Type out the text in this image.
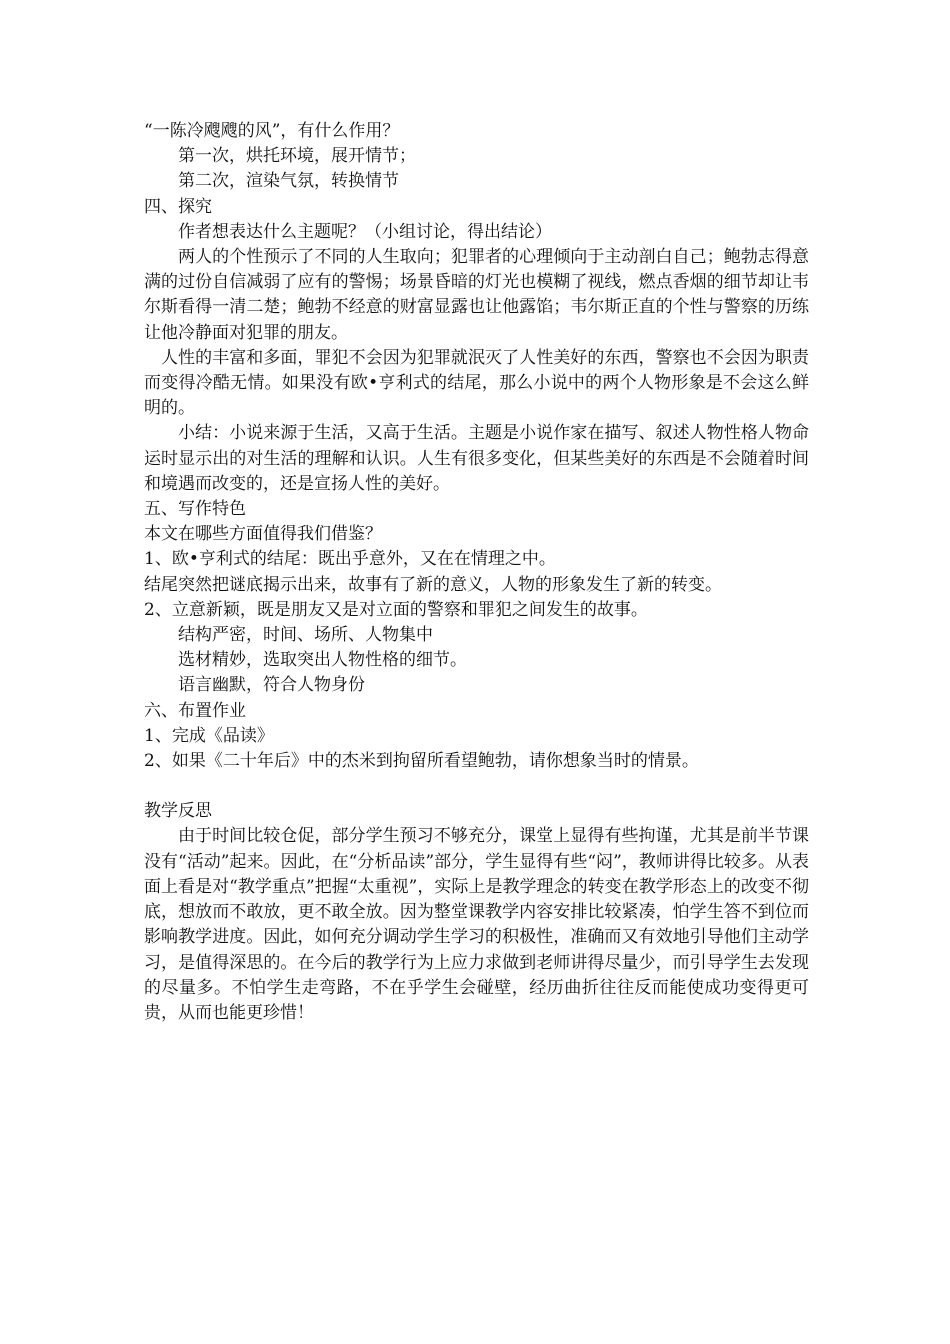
“一陈冷飕飕的风”，有什么作用？

第一次，烘托环境，展开情节；

第二次，渲染气氛，转换情节

四、探究

作者想表达什么主题呢？（小组讨论，得出结论）

两人的个性预示了不同的人生取向；犯罪者的心理倾向于主动剖白自己；鲍勃志得意满的过份自信减弱了应有的警惕；场景昏暗的灯光也模糊了视线，燃点香烟的细节却让韦尔斯看得一清二楚；鲍勃不经意的财富显露也让他露馅；韦尔斯正直的个性与警察的历练让他冷静面对犯罪的朋友。

人性的丰富和多面，罪犯不会因为犯罪就泯灭了人性美好的东西，警察也不会因为职责而变得冷酷无情。如果没有欧•亨利式的结尾，那么小说中的两个人物形象是不会这么鲜明的。

小结：小说来源于生活，又高于生活。主题是小说作家在描写、叙述人物性格人物命运时显示出的对生活的理解和认识。人生有很多变化，但某些美好的东西是不会随着时间和境遇而改变的，还是宣扬人性的美好。

五、写作特色

本文在哪些方面值得我们借鉴？

1、欧•亨利式的结尾：既出乎意外，又在在情理之中。

结尾突然把谜底揭示出来，故事有了新的意义，人物的形象发生了新的转变。

2、立意新颖，既是朋友又是对立面的警察和罪犯之间发生的故事。

结构严密，时间、场所、人物集中

选材精妙，选取突出人物性格的细节。

语言幽默，符合人物身份

六、布置作业

1、完成《品读》

2、如果《二十年后》中的杰米到拘留所看望鲍勃，请你想象当时的情景。

教学反思

由于时间比较仓促，部分学生预习不够充分，课堂上显得有些拘谨，尤其是前半节课没有“活动”起来。因此，在“分析品读”部分，学生显得有些“闷”，教师讲得比较多。从表面上看是对“教学重点”把握“太重视”，实际上是教学理念的转变在教学形态上的改变不彻底，想放而不敢放，更不敢全放。因为整堂课教学内容安排比较紧凑，怕学生答不到位而影响教学进度。因此，如何充分调动学生学习的积极性，准确而又有效地引导他们主动学习，是值得深思的。在今后的教学行为上应力求做到老师讲得尽量少，而引导学生去发现的尽量多。不怕学生走弯路，不在乎学生会碰壁，经历曲折往往反而能使成功变得更可贵，从而也能更珍惜！
